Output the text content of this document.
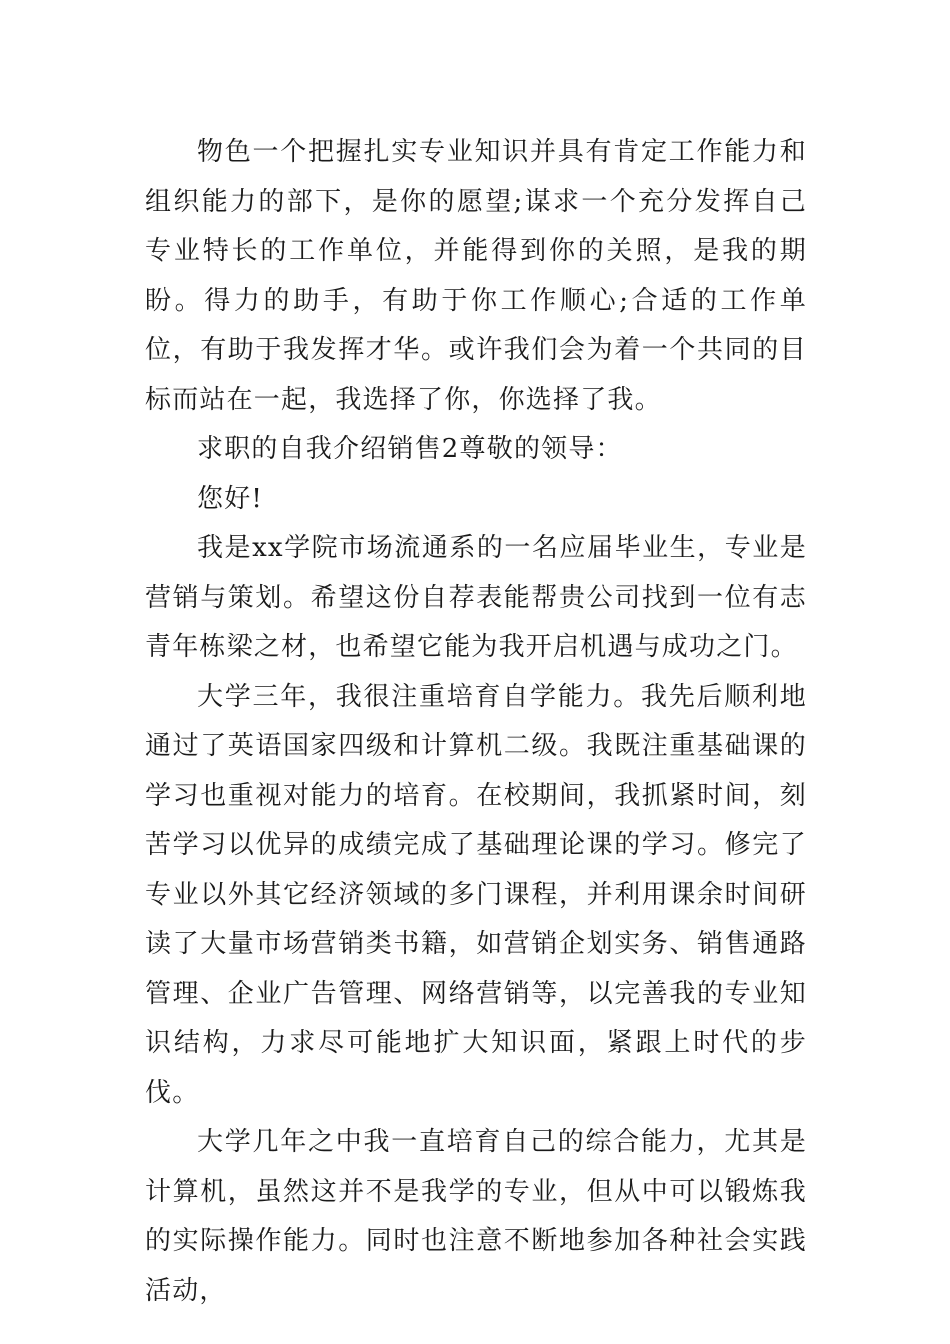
物色一个把握扎实专业知识并具有肯定工作能力和组织能力的部下，是你的愿望;谋求一个充分发挥自己专业特长的工作单位，并能得到你的关照，是我的期盼。得力的助手，有助于你工作顺心;合适的工作单位，有助于我发挥才华。或许我们会为着一个共同的目标而站在一起，我选择了你，你选择了我。

求职的自我介绍销售2尊敬的领导：

您好!

我是xx学院市场流通系的一名应届毕业生，专业是营销与策划。希望这份自荐表能帮贵公司找到一位有志青年栋梁之材，也希望它能为我开启机遇与成功之门。

大学三年，我很注重培育自学能力。我先后顺利地通过了英语国家四级和计算机二级。我既注重基础课的学习也重视对能力的培育。在校期间，我抓紧时间，刻苦学习以优异的成绩完成了基础理论课的学习。修完了专业以外其它经济领域的多门课程，并利用课余时间研读了大量市场营销类书籍，如营销企划实务、销售通路管理、企业广告管理、网络营销等，以完善我的专业知识结构，力求尽可能地扩大知识面，紧跟上时代的步伐。

大学几年之中我一直培育自己的综合能力，尤其是计算机，虽然这并不是我学的专业，但从中可以锻炼我的实际操作能力。同时也注意不断地参加各种社会实践活动，
